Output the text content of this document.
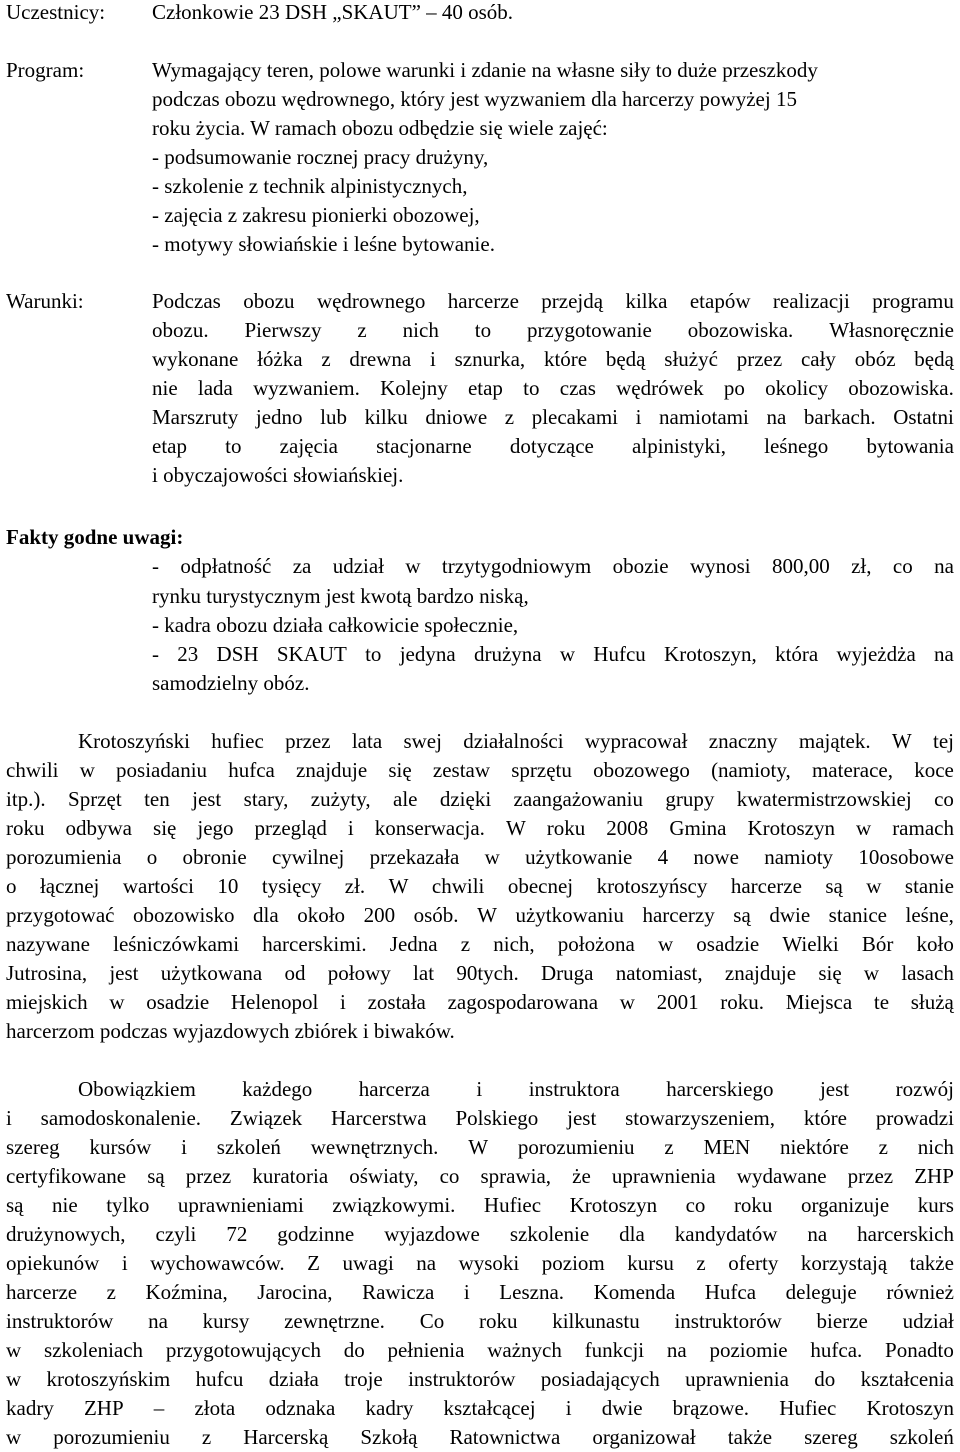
Uczestnicy: Członkowie 23 DSH „SKAUT” – 40 osób.
Program:	Wymagający teren, polowe warunki i zdanie na własne siły to duże przeszkody
podczas obozu wędrownego, który jest wyzwaniem dla harcerzy powyżej 15
roku życia. W ramach obozu odbędzie się wiele zajęć:
- podsumowanie rocznej pracy drużyny,
- szkolenie z technik alpinistycznych,
- zajęcia z zakresu pionierki obozowej,
- motywy słowiańskie i leśne bytowanie.
Warunki:	Podczas obozu wędrownego harcerze przejdą kilka etapów realizacji programu
obozu. Pierwszy z nich to przygotowanie obozowiska. Własnoręcznie
wykonane łóżka z drewna i sznurka, które będą służyć przez cały obóz będą
nie lada wyzwaniem. Kolejny etap to czas wędrówek po okolicy obozowiska.
Marszruty jedno lub kilku dniowe z plecakami i namiotami na barkach. Ostatni
etap to zajęcia stacjonarne dotyczące alpinistyki, leśnego bytowania
i obyczajowości słowiańskiej.
Fakty godne uwagi:
- odpłatność za udział w trzytygodniowym obozie wynosi 800,00 zł, co na
rynku turystycznym jest kwotą bardzo niską,
- kadra obozu działa całkowicie społecznie,
- 23 DSH SKAUT to jedyna drużyna w Hufcu Krotoszyn, która wyjeżdża na
samodzielny obóz.
Krotoszyński hufiec przez lata swej działalności wypracował znaczny majątek. W tej
chwili w posiadaniu hufca znajduje się zestaw sprzętu obozowego (namioty, materace, koce
itp.). Sprzęt ten jest stary, zużyty, ale dzięki zaangażowaniu grupy kwatermistrzowskiej co
roku odbywa się jego przegląd i konserwacja. W roku 2008 Gmina Krotoszyn w ramach
porozumienia o obronie cywilnej przekazała w użytkowanie 4 nowe namioty 10osobowe
o łącznej wartości 10 tysięcy zł. W chwili obecnej krotoszyńscy harcerze są w stanie
przygotować obozowisko dla około 200 osób. W użytkowaniu harcerzy są dwie stanice leśne,
nazywane leśniczówkami harcerskimi. Jedna z nich, położona w osadzie Wielki Bór koło
Jutrosina, jest użytkowana od połowy lat 90tych. Druga natomiast, znajduje się w lasach
miejskich w osadzie Helenopol i została zagospodarowana w 2001 roku. Miejsca te służą
harcerzom podczas wyjazdowych zbiórek i biwaków.
Obowiązkiem każdego harcerza i instruktora harcerskiego jest rozwój
i samodoskonalenie. Związek Harcerstwa Polskiego jest stowarzyszeniem, które prowadzi
szereg kursów i szkoleń wewnętrznych. W porozumieniu z MEN niektóre z nich
certyfikowane są przez kuratoria oświaty, co sprawia, że uprawnienia wydawane przez ZHP
są nie tylko uprawnieniami związkowymi. Hufiec Krotoszyn co roku organizuje kurs
drużynowych, czyli 72 godzinne wyjazdowe szkolenie dla kandydatów na harcerskich
opiekunów i wychowawców. Z uwagi na wysoki poziom kursu z oferty korzystają także
harcerze z Koźmina, Jarocina, Rawicza i Leszna. Komenda Hufca deleguje również
instruktorów na kursy zewnętrzne. Co roku kilkunastu instruktorów bierze udział
w szkoleniach przygotowujących do pełnienia ważnych funkcji na poziomie hufca. Ponadto
w krotoszyńskim hufcu działa troje instruktorów posiadających uprawnienia do kształcenia
kadry ZHP – złota odznaka kadry kształcącej i dwie brązowe. Hufiec Krotoszyn
w porozumieniu z Harcerską Szkołą Ratownictwa organizował także szereg szkoleń
